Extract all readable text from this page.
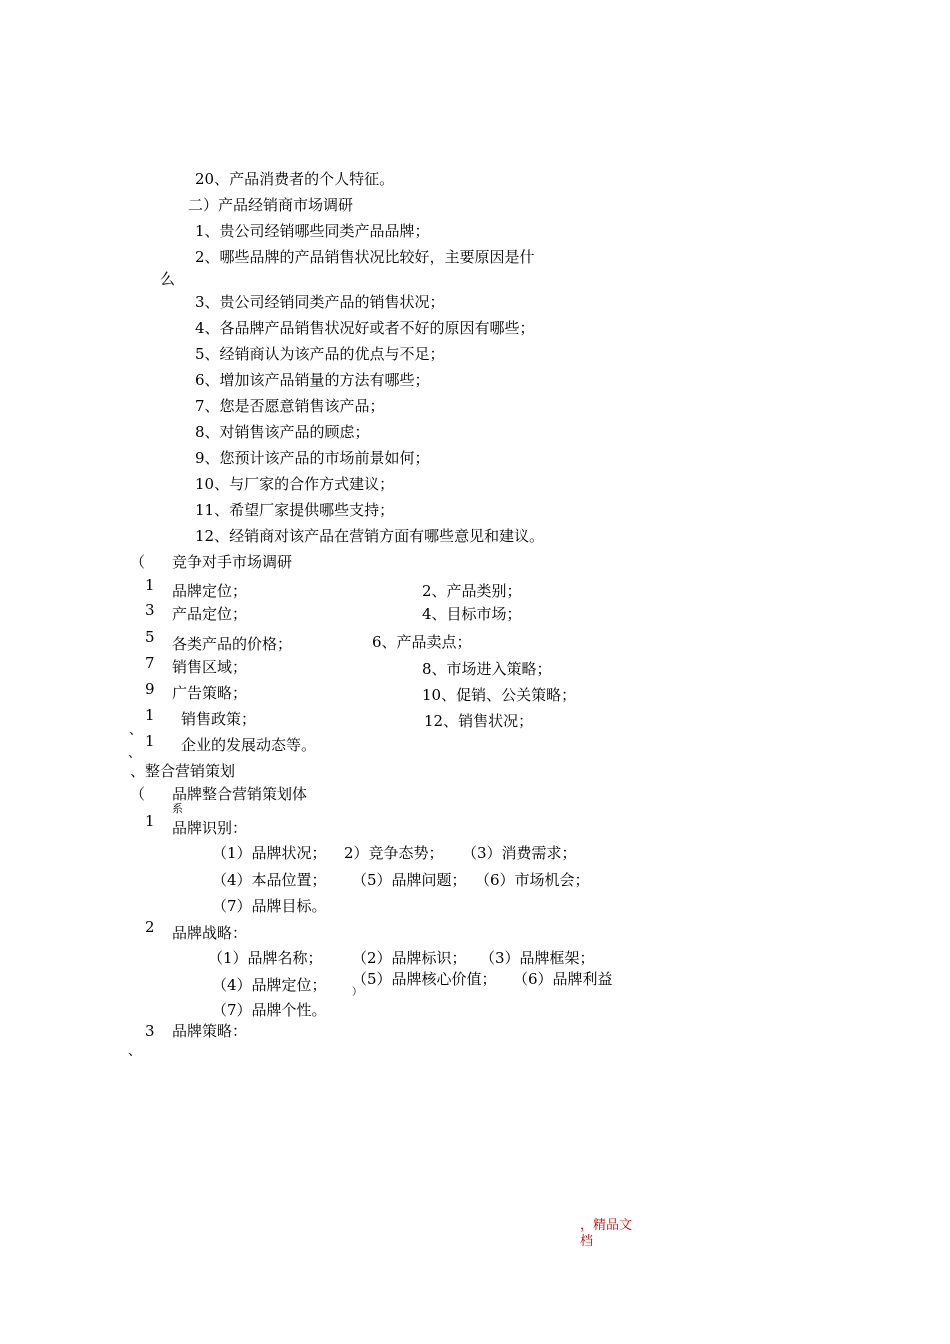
20、产品消费者的个人特征。
二）产品经销商市场调研
1、贵公司经销哪些同类产品品牌；
2、哪些品牌的产品销售状况比较好，主要原因是什
么
3、贵公司经销同类产品的销售状况；
4、各品牌产品销售状况好或者不好的原因有哪些；
5、经销商认为该产品的优点与不足；
6、增加该产品销量的方法有哪些；
7、您是否愿意销售该产品；
8、对销售该产品的顾虑；
9、您预计该产品的市场前景如何；
10、与厂家的合作方式建议；
11、希望厂家提供哪些支持；
12、经销商对该产品在营销方面有哪些意见和建议。
（ 竞争对手市场调研
1 品牌定位；	2、产品类别；
3 产品定位；	4、目标市场；
5 各类产品的价格；	6、产品卖点；
7 销售区域；	8、市场进入策略；
9 广告策略；	10、促销、公关策略；
1 销售政策；	12、销售状况；
、
1 企业的发展动态等。
、
、整合营销策划
（ 品牌整合营销策划体
系
1 品牌识别：
（1）品牌状况； 2）竞争态势； （3）消费需求；
（4）本品位置； （5）品牌问题； （6）市场机会；
（7）品牌目标。
2 品牌战略：
（1）品牌名称； （2）品牌标识； （3）品牌框架；
（4）品牌定位； （5）品牌核心价值； （6）品牌利益
）
（7）品牌个性。
3 品牌策略：
、
，精品文
档
